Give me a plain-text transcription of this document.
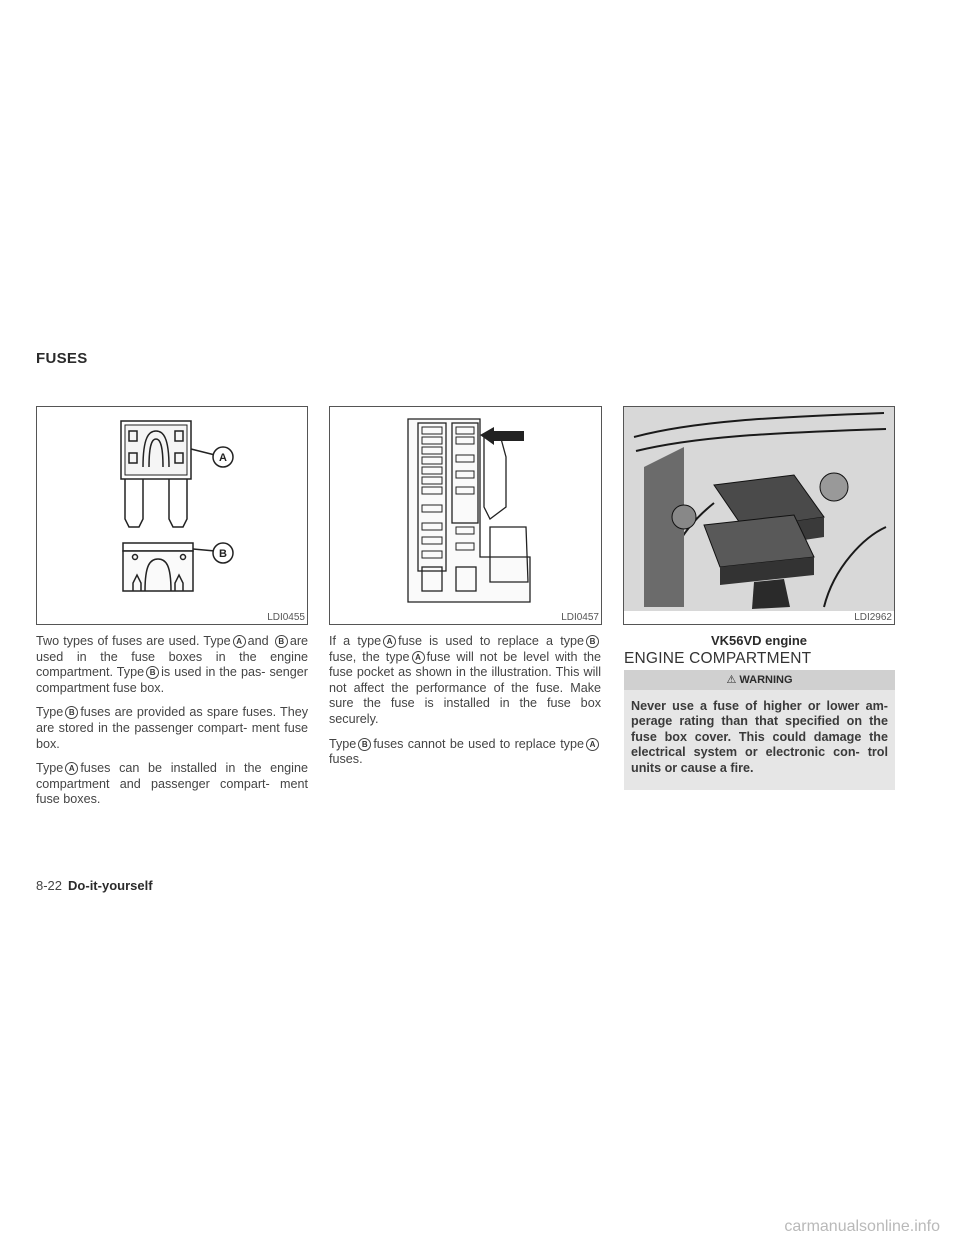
FUSES
A
B
LDI0455	LDI0457	LDI2962
VK56VD engine

Two types of fuses are used. Type A and B are used in the fuse boxes in the engine compartment. Type B is used in the pas- senger compartment fuse box.

Type B fuses are provided as spare fuses. They are stored in the passenger compart- ment fuse box.

Type A fuses can be installed in the engine compartment and passenger compart- ment fuse boxes.

If a type A fuse is used to replace a type B fuse, the type A fuse will not be level with the fuse pocket as shown in the illustration. This will not affect the performance of the fuse. Make sure the fuse is installed in the fuse box securely.

Type B fuses cannot be used to replace type Afuses.

ENGINE COMPARTMENT
⚠ WARNING
Never use a fuse of higher or lower am- perage rating than that specified on the fuse box cover. This could damage the electrical system or electronic con- trol units or cause a fire.
8-22 Do-it-yourself
carmanualsonline.info
